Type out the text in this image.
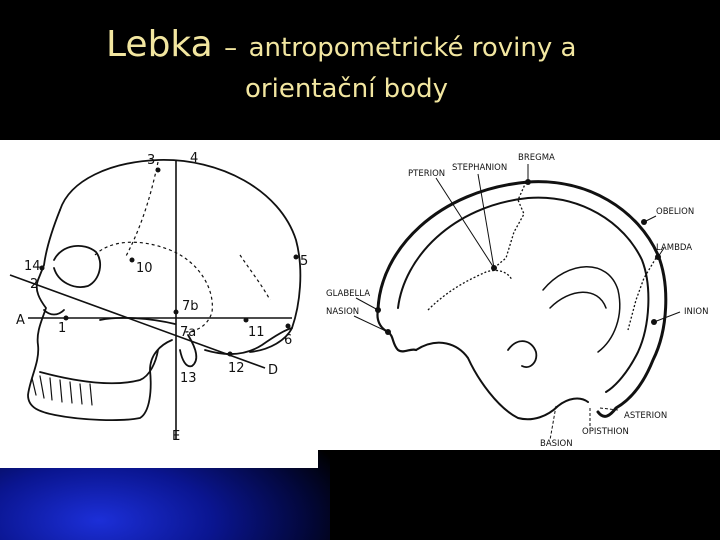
Lebka – antropometrické roviny a
orientační body
3	4
14	10	5
2
7b
A
1	7a	11
6
13
12 D
E
BREGMA
STEPHANION
PTERION
OBELION
LAMBDA
GLABELLA
NASION	INION
ASTERION
OPISTHION
BASION
